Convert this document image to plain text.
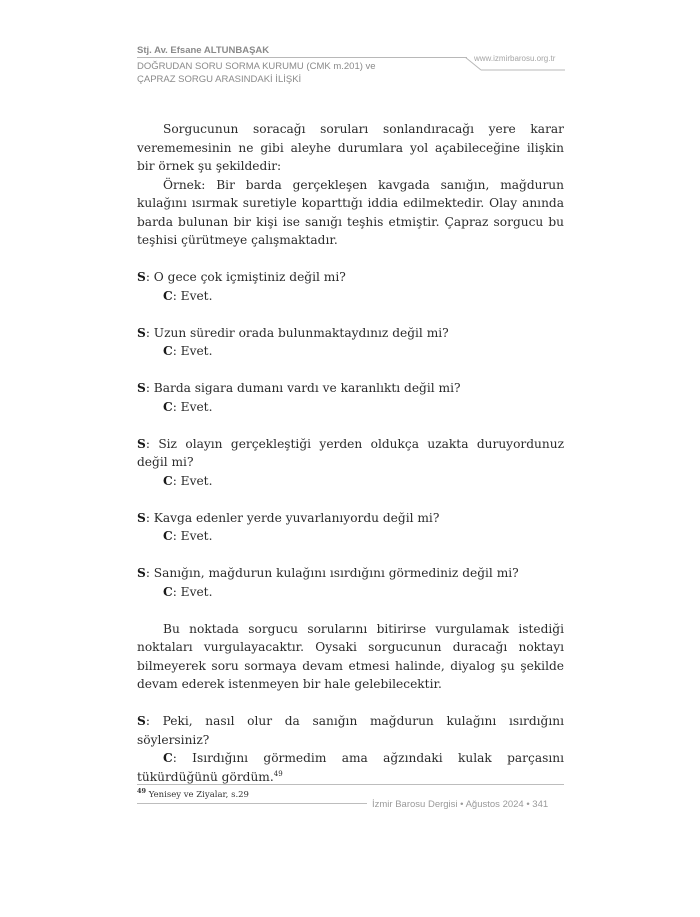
Stj. Av. Efsane ALTUNBAŞAK
www.izmirbarosu.org.tr
DOĞRUDAN SORU SORMA KURUMU (CMK m.201) ve
ÇAPRAZ SORGU ARASINDAKİ İLİŞKİ

Sorgucunun soracağı soruları sonlandıracağı yere karar verememesinin ne gibi aleyhe durumlara yol açabileceğine ilişkin bir örnek şu şekildedir:

Örnek: Bir barda gerçekleşen kavgada sanığın, mağdurun kulağını ısırmak suretiyle koparttığı iddia edilmektedir. Olay anında barda bulunan bir kişi ise sanığı teşhis etmiştir. Çapraz sorgucu bu teşhisi çürütmeye çalışmaktadır.

S: O gece çok içmiştiniz değil mi?

C: Evet.

S: Uzun süredir orada bulunmaktaydınız değil mi?

C: Evet.

S: Barda sigara dumanı vardı ve karanlıktı değil mi?

C: Evet.

S: Siz olayın gerçekleştiği yerden oldukça uzakta duruyordunuz değil mi?

C: Evet.

S: Kavga edenler yerde yuvarlanıyordu değil mi?

C: Evet.

S: Sanığın, mağdurun kulağını ısırdığını görmediniz değil mi?

C: Evet.

Bu noktada sorgucu sorularını bitirirse vurgulamak istediği noktaları vurgulayacaktır. Oysaki sorgucunun duracağı noktayı bilmeyerek soru sormaya devam etmesi halinde, diyalog şu şekilde devam ederek istenmeyen bir hale gelebilecektir.

S: Peki, nasıl olur da sanığın mağdurun kulağını ısırdığını söylersiniz?

C: Isırdığını görmedim ama ağzındaki kulak parçasını tükürdüğünü gördüm.$^{49}$

$^{49}$ Yenisey ve Ziyalar, s.29
İzmir Barosu Dergisi • Ağustos 2024 • 341
